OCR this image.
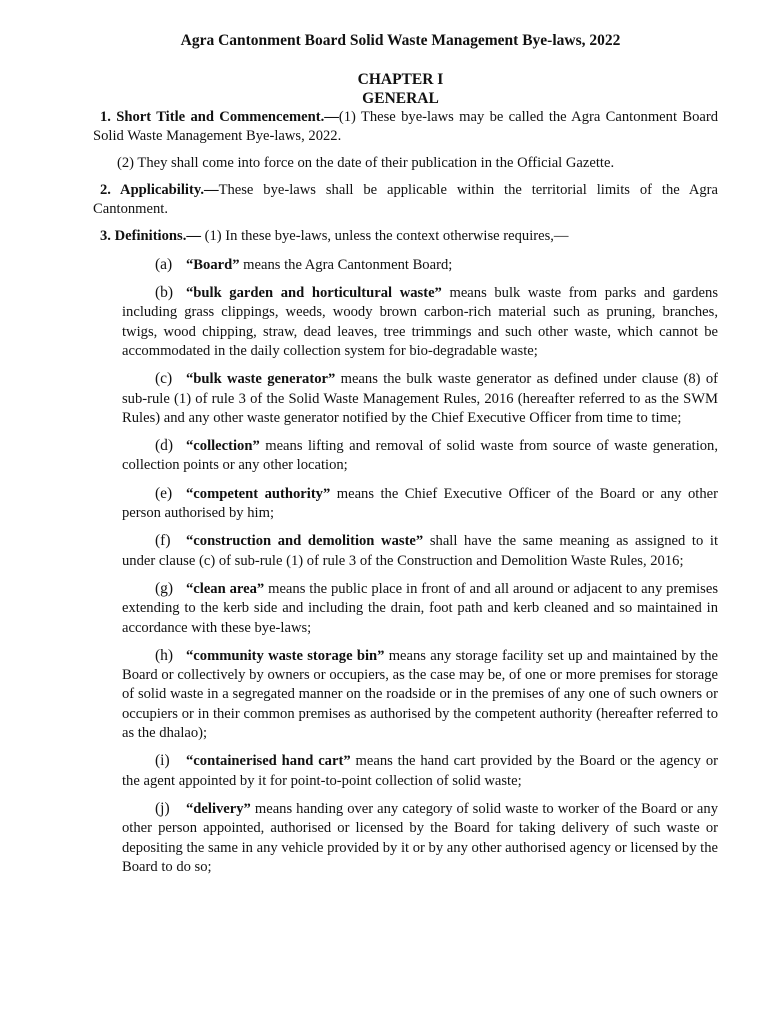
Agra Cantonment Board Solid Waste Management Bye-laws, 2022
CHAPTER I
GENERAL

1. Short Title and Commencement.—(1) These bye-laws may be called the Agra Cantonment Board Solid Waste Management Bye-laws, 2022.

(2) They shall come into force on the date of their publication in the Official Gazette.

2. Applicability.—These bye-laws shall be applicable within the territorial limits of the Agra Cantonment.

3. Definitions.— (1) In these bye-laws, unless the context otherwise requires,—

(a) “Board” means the Agra Cantonment Board;

(b) “bulk garden and horticultural waste” means bulk waste from parks and gardens including grass clippings, weeds, woody brown carbon-rich material such as pruning, branches, twigs, wood chipping, straw, dead leaves, tree trimmings and such other waste, which cannot be accommodated in the daily collection system for bio-degradable waste;

(c) “bulk waste generator” means the bulk waste generator as defined under clause (8) of sub-rule (1) of rule 3 of the Solid Waste Management Rules, 2016 (hereafter referred to as the SWM Rules) and any other waste generator notified by the Chief Executive Officer from time to time;

(d) “collection” means lifting and removal of solid waste from source of waste generation, collection points or any other location;

(e) “competent authority” means the Chief Executive Officer of the Board or any other person authorised by him;

(f) “construction and demolition waste” shall have the same meaning as assigned to it under clause (c) of sub-rule (1) of rule 3 of the Construction and Demolition Waste Rules, 2016;

(g) “clean area” means the public place in front of and all around or adjacent to any premises extending to the kerb side and including the drain, foot path and kerb cleaned and so maintained in accordance with these bye-laws;

(h) “community waste storage bin” means any storage facility set up and maintained by the Board or collectively by owners or occupiers, as the case may be, of one or more premises for storage of solid waste in a segregated manner on the roadside or in the premises of any one of such owners or occupiers or in their common premises as authorised by the competent authority (hereafter referred to as the dhalao);

(i) “containerised hand cart” means the hand cart provided by the Board or the agency or the agent appointed by it for point-to-point collection of solid waste;

(j) “delivery” means handing over any category of solid waste to worker of the Board or any other person appointed, authorised or licensed by the Board for taking delivery of such waste or depositing the same in any vehicle provided by it or by any other authorised agency or licensed by the Board to do so;
